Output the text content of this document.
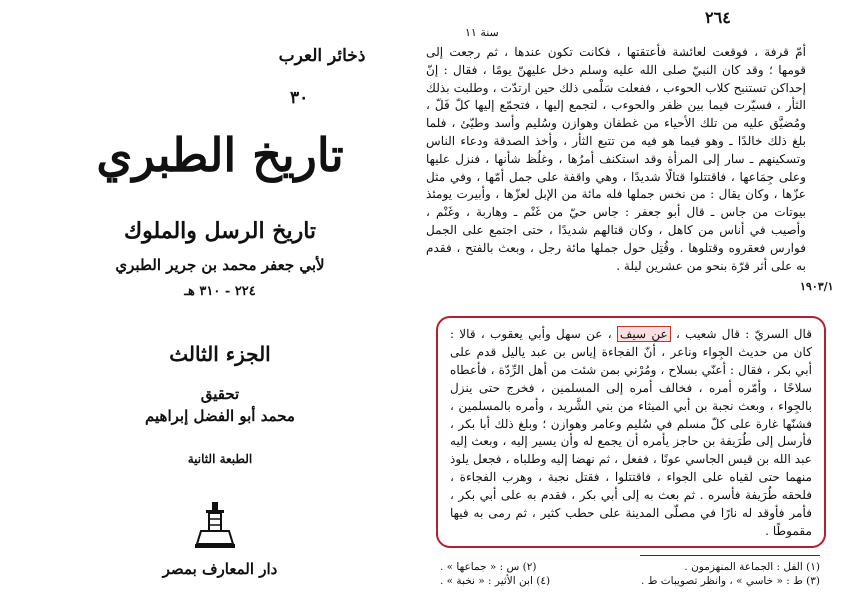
ذخائر العرب
٣٠
تاريخ الطبري
تاريخ الرسل والملوك
لأبي جعفر محمد بن جرير الطبري
٢٢٤ - ٣١٠ هـ
الجزء الثالث
تحقيق
محمد أبو الفضل إبراهيم
الطبعة الثانية
دار المعارف بمصر
٢٦٤
سنة ١١
١٩٠٣/١

أمّ قرفة ، فوقعت لعائشة فأعتقتها ، فكانت تكون عندها ، ثم رجعت إلى قومها ؛ وقد كان النبيّ صلى الله عليه وسلم دخل عليهنّ يومًا ، فقال : إنّ إحداكن تستنبح كلاب الحوءب ، ففعلت سَلْمى ذلك حين ارتدّت ، وطلبت بذلك الثأر ، فسيّرت فيما بين ظفر والحوءب ، لتجمع إليها ، فتجمّع إليها كلّ فَلّ ، ومُضيَّق عليه من تلك الأحياء من غطفان وهوازن وسُليم وأسد وطيّئ ، فلما بلغ ذلك خالدًا ـ وهو فيما هو فيه من تتبع الثأر ، وأخذ الصدقة ودعاء الناس وتسكينهم ـ سار إلى المرأة وقد استكنف أمرُها ، وغلُظ شأنها ، فنزل عليها وعلى جِمَاعها ، فاقتتلوا قتالًا شديدًا ، وهي واقفة على جمل أمّها ، وفي مثل عزّها ، وكان يقال : من نخس جملها فله مائة من الإبل لعزّها ، وأبيرت يومئذ بيوتات من جاس ـ قال أبو جعفر : جاس حيّ من غَنْم ـ وهاربة ، وغَنْم ، وأصيب في أناس من كاهل ، وكان قتالهم شديدًا ، حتى اجتمع على الجمل فوارس فعقروه وقتلوها . وقُتِل حول جملها مائة رجل ، وبعث بالفتح ، فقدم به على أثر قرّة بنحو من عشرين ليلة .

قال السريّ : قال شعيب ، عن سيف ، عن سهل وأبي يعقوب ، قالا : كان من حديث الجِواء وناعر ، أنّ الفجاءة إياس بن عبد ياليل قدم على أبي بكر ، فقال : أعنّي بسلاح ، ومُرْني بمن شئت من أهل الرِّدّة ، فأعطاه سلاحًا ، وأمّره أمره ، فخالف أمره إلى المسلمين ، فخرج حتى ينزل بالجِواء ، وبعث نجبة بن أبي الميثاء من بني الشَّريد ، وأمره بالمسلمين ، فشنّها غارة على كلّ مسلم في سُليم وعامر وهوازن ؛ وبلغ ذلك أبا بكر ، فأرسل إلى طُرَيفة بن حاجز يأمره أن يجمع له وأن يسير إليه ، وبعث إليه عبد الله بن قيس الجاسي عونًا ، ففعل ، ثم نهضا إليه وطلباه ، فجعل يلوذ منهما حتى لقياه على الجواء ، فاقتتلوا ، فقتل نجبة ، وهرب الفجاءة ، فلحقه طُرَيفة فأسره . ثم بعث به إلى أبي بكر ، فقدم به على أبي بكر ، فأمر فأوقد له نارًا في مصلّى المدينة على حطب كثير ، ثم رمى به فيها مقموطًا .

(١) الفل : الجماعة المنهزمون .
(٢) س : « جماعها » .
(٣) ط : « خاسي » ، وانظر تصويبات ط .
(٤) ابن الأثير : « نخبة » .
